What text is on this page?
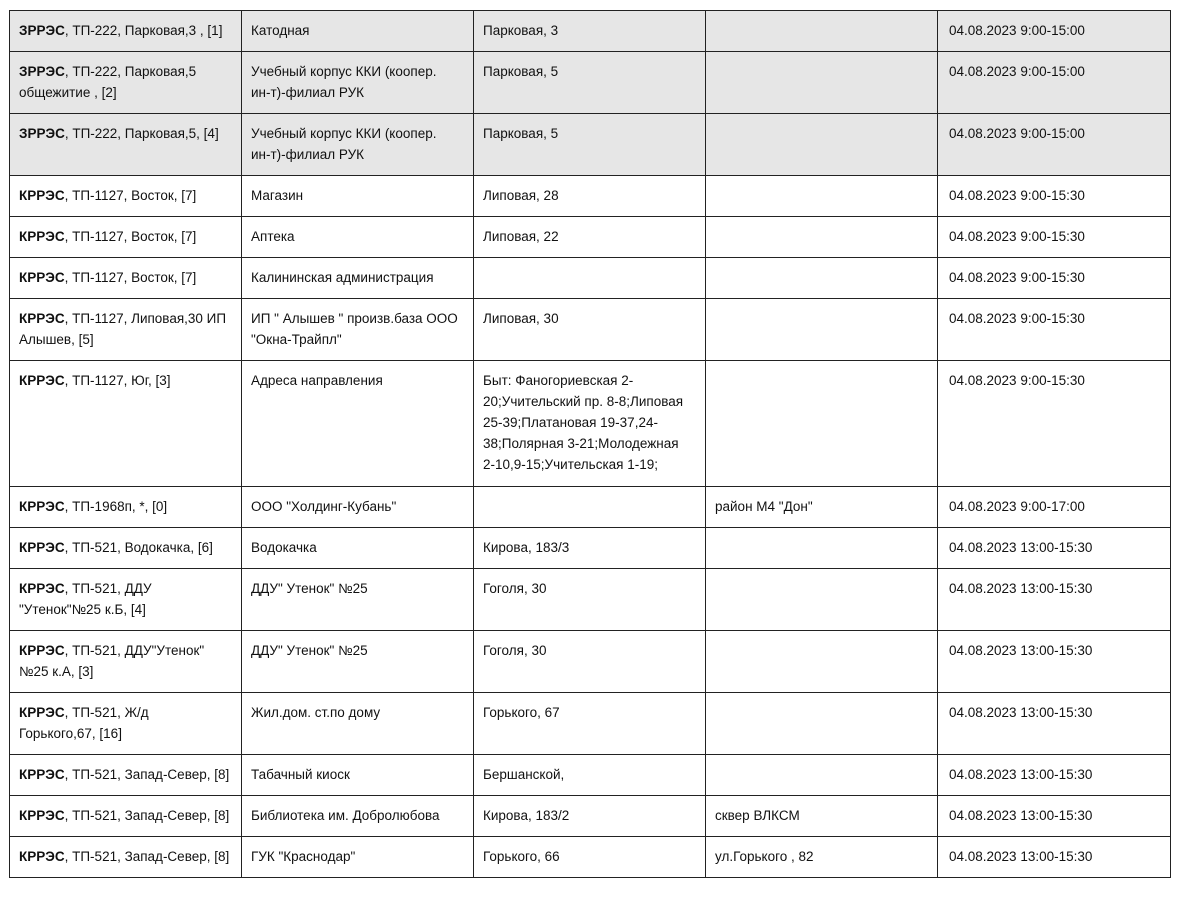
ЗРРЭС, ТП-222, Парковая,3 , [1]	Катодная	Парковая, 3		04.08.2023 9:00-15:00
ЗРРЭС, ТП-222, Парковая,5
общежитие , [2]	Учебный корпус ККИ (коопер.
ин-т)-филиал РУК	Парковая, 5		04.08.2023 9:00-15:00
ЗРРЭС, ТП-222, Парковая,5, [4]	Учебный корпус ККИ (коопер.
ин-т)-филиал РУК	Парковая, 5		04.08.2023 9:00-15:00
КРРЭС, ТП-1127, Восток, [7]	Магазин	Липовая, 28		04.08.2023 9:00-15:30
КРРЭС, ТП-1127, Восток, [7]	Аптека	Липовая, 22		04.08.2023 9:00-15:30
КРРЭС, ТП-1127, Восток, [7]	Калининская администрация			04.08.2023 9:00-15:30
КРРЭС, ТП-1127, Липовая,30 ИП
Алышев, [5]	ИП " Алышев " произв.база ООО
"Окна-Трайпл"	Липовая, 30		04.08.2023 9:00-15:30
КРРЭС, ТП-1127, Юг, [3]	Адреса направления	Быт: Фаногориевская 2-
20;Учительский пр. 8-8;Липовая
25-39;Платановая 19-37,24-
38;Полярная 3-21;Молодежная
2-10,9-15;Учительская 1-19;		04.08.2023 9:00-15:30
КРРЭС, ТП-1968п, *, [0]	ООО "Холдинг-Кубань"		район М4 "Дон"	04.08.2023 9:00-17:00
КРРЭС, ТП-521, Водокачка, [6]	Водокачка	Кирова, 183/3		04.08.2023 13:00-15:30
КРРЭС, ТП-521, ДДУ
"Утенок"№25 к.Б, [4]	ДДУ" Утенок" №25	Гоголя, 30		04.08.2023 13:00-15:30
КРРЭС, ТП-521, ДДУ"Утенок"
№25 к.А, [3]	ДДУ" Утенок" №25	Гоголя, 30		04.08.2023 13:00-15:30
КРРЭС, ТП-521, Ж/д
Горького,67, [16]	Жил.дом. ст.по дому	Горького, 67		04.08.2023 13:00-15:30
КРРЭС, ТП-521, Запад-Север, [8]	Табачный киоск	Бершанской,		04.08.2023 13:00-15:30
КРРЭС, ТП-521, Запад-Север, [8]	Библиотека им. Добролюбова	Кирова, 183/2	сквер ВЛКСМ	04.08.2023 13:00-15:30
КРРЭС, ТП-521, Запад-Север, [8]	ГУК "Краснодар"	Горького, 66	ул.Горького , 82	04.08.2023 13:00-15:30
